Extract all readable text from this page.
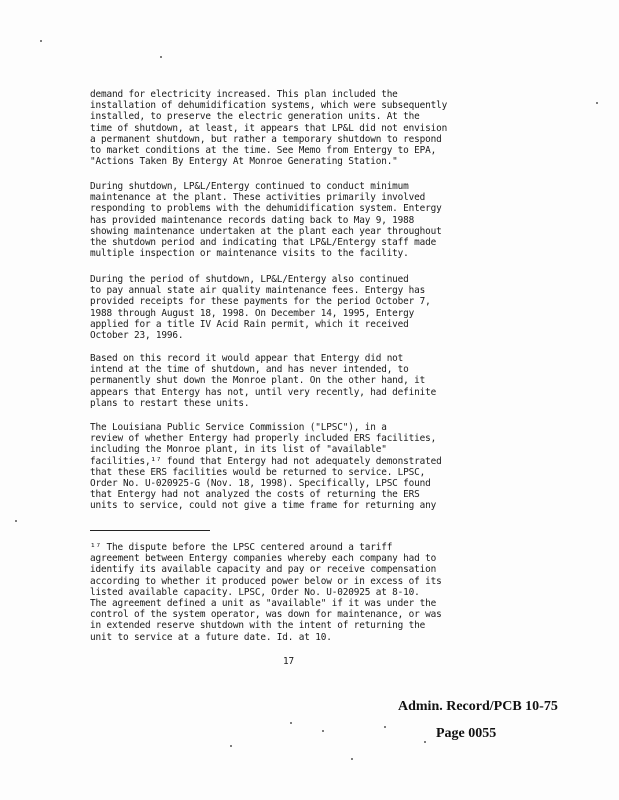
demand for electricity increased. This plan included the
installation of dehumidification systems, which were subsequently
installed, to preserve the electric generation units. At the
time of shutdown, at least, it appears that LP&L did not envision
a permanent shutdown, but rather a temporary shutdown to respond
to market conditions at the time. See Memo from Entergy to EPA,
"Actions Taken By Entergy At Monroe Generating Station."
During shutdown, LP&L/Entergy continued to conduct minimum
maintenance at the plant. These activities primarily involved
responding to problems with the dehumidification system. Entergy
has provided maintenance records dating back to May 9, 1988
showing maintenance undertaken at the plant each year throughout
the shutdown period and indicating that LP&L/Entergy staff made
multiple inspection or maintenance visits to the facility.
During the period of shutdown, LP&L/Entergy also continued
to pay annual state air quality maintenance fees. Entergy has
provided receipts for these payments for the period October 7,
1988 through August 18, 1998. On December 14, 1995, Entergy
applied for a title IV Acid Rain permit, which it received
October 23, 1996.
Based on this record it would appear that Entergy did not
intend at the time of shutdown, and has never intended, to
permanently shut down the Monroe plant. On the other hand, it
appears that Entergy has not, until very recently, had definite
plans to restart these units.
The Louisiana Public Service Commission ("LPSC"), in a
review of whether Entergy had properly included ERS facilities,
including the Monroe plant, in its list of "available"
facilities,¹⁷ found that Entergy had not adequately demonstrated
that these ERS facilities would be returned to service. LPSC,
Order No. U-020925-G (Nov. 18, 1998). Specifically, LPSC found
that Entergy had not analyzed the costs of returning the ERS
units to service, could not give a time frame for returning any
¹⁷ The dispute before the LPSC centered around a tariff
agreement between Entergy companies whereby each company had to
identify its available capacity and pay or receive compensation
according to whether it produced power below or in excess of its
listed available capacity. LPSC, Order No. U-020925 at 8-10.
The agreement defined a unit as "available" if it was under the
control of the system operator, was down for maintenance, or was
in extended reserve shutdown with the intent of returning the
unit to service at a future date. Id. at 10.
17
Admin. Record/PCB 10-75
Page 0055
